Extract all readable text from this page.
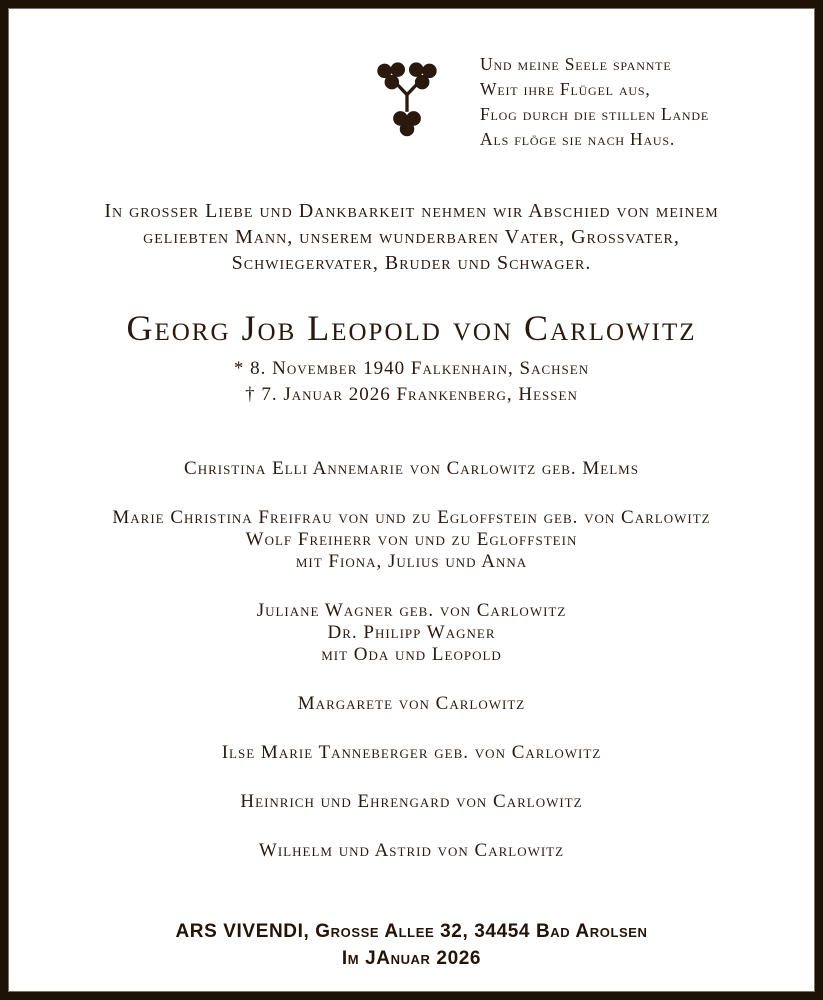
Und meine Seele spannte
Weit ihre Flügel aus,
Flog durch die stillen Lande
Als flöge sie nach Haus.

In grosser Liebe und Dankbarkeit nehmen wir Abschied von meinem geliebten Mann, unserem wunderbaren Vater, Grossvater, Schwiegervater, Bruder und Schwager.

Georg Job Leopold von Carlowitz
* 8. November 1940 Falkenhain, Sachsen
† 7. Januar 2026 Frankenberg, Hessen
Christina Elli Annemarie von Carlowitz geb. Melms
Marie Christina Freifrau von und zu Egloffstein geb. von Carlowitz
Wolf Freiherr von und zu Egloffstein
mit Fiona, Julius und Anna
Juliane Wagner geb. von Carlowitz
Dr. Philipp Wagner
mit Oda und Leopold
Margarete von Carlowitz
Ilse Marie Tanneberger geb. von Carlowitz
Heinrich und Ehrengard von Carlowitz
Wilhelm und Astrid von Carlowitz
ARS VIVENDI, Grosse Allee 32, 34454 Bad Arolsen
Im JAnuar 2026
